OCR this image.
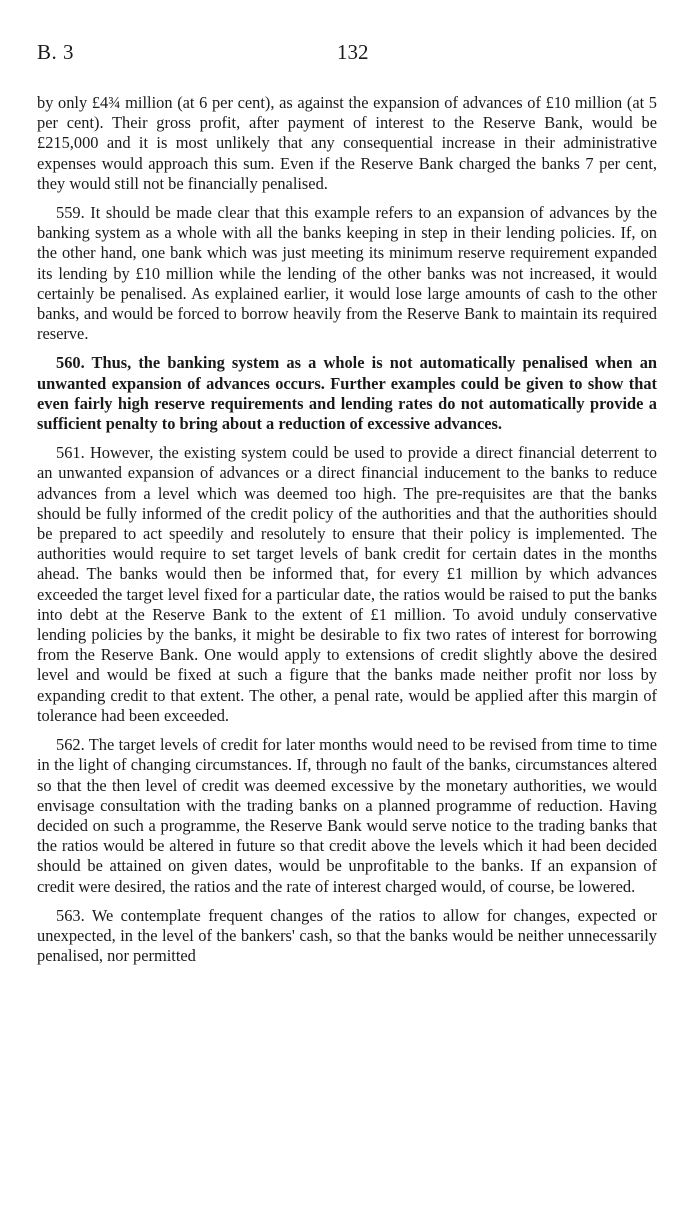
B. 3	132

by only £4¾ million (at 6 per cent), as against the expansion of advances of £10 million (at 5 per cent). Their gross profit, after payment of interest to the Reserve Bank, would be £215,000 and it is most unlikely that any consequential increase in their administrative expenses would approach this sum. Even if the Reserve Bank charged the banks 7 per cent, they would still not be financially penalised.

559. It should be made clear that this example refers to an expansion of advances by the banking system as a whole with all the banks keeping in step in their lending policies. If, on the other hand, one bank which was just meeting its minimum reserve requirement expanded its lending by £10 million while the lending of the other banks was not increased, it would certainly be penalised. As explained earlier, it would lose large amounts of cash to the other banks, and would be forced to borrow heavily from the Reserve Bank to maintain its required reserve.

560. Thus, the banking system as a whole is not automatically penalised when an unwanted expansion of advances occurs. Further examples could be given to show that even fairly high reserve requirements and lending rates do not automatically provide a sufficient penalty to bring about a reduction of excessive advances.

561. However, the existing system could be used to provide a direct financial deterrent to an unwanted expansion of advances or a direct financial inducement to the banks to reduce advances from a level which was deemed too high. The pre-requisites are that the banks should be fully informed of the credit policy of the authorities and that the authorities should be prepared to act speedily and resolutely to ensure that their policy is implemented. The authorities would require to set target levels of bank credit for certain dates in the months ahead. The banks would then be informed that, for every £1 million by which advances exceeded the target level fixed for a particular date, the ratios would be raised to put the banks into debt at the Reserve Bank to the extent of £1 million. To avoid unduly conservative lending policies by the banks, it might be desirable to fix two rates of interest for borrowing from the Reserve Bank. One would apply to extensions of credit slightly above the desired level and would be fixed at such a figure that the banks made neither profit nor loss by expanding credit to that extent. The other, a penal rate, would be applied after this margin of tolerance had been exceeded.

562. The target levels of credit for later months would need to be revised from time to time in the light of changing circumstances. If, through no fault of the banks, circumstances altered so that the then level of credit was deemed excessive by the monetary authorities, we would envisage consultation with the trading banks on a planned programme of reduction. Having decided on such a programme, the Reserve Bank would serve notice to the trading banks that the ratios would be altered in future so that credit above the levels which it had been decided should be attained on given dates, would be unprofitable to the banks. If an expansion of credit were desired, the ratios and the rate of interest charged would, of course, be lowered.

563. We contemplate frequent changes of the ratios to allow for changes, expected or unexpected, in the level of the bankers' cash, so that the banks would be neither unnecessarily penalised, nor permitted
